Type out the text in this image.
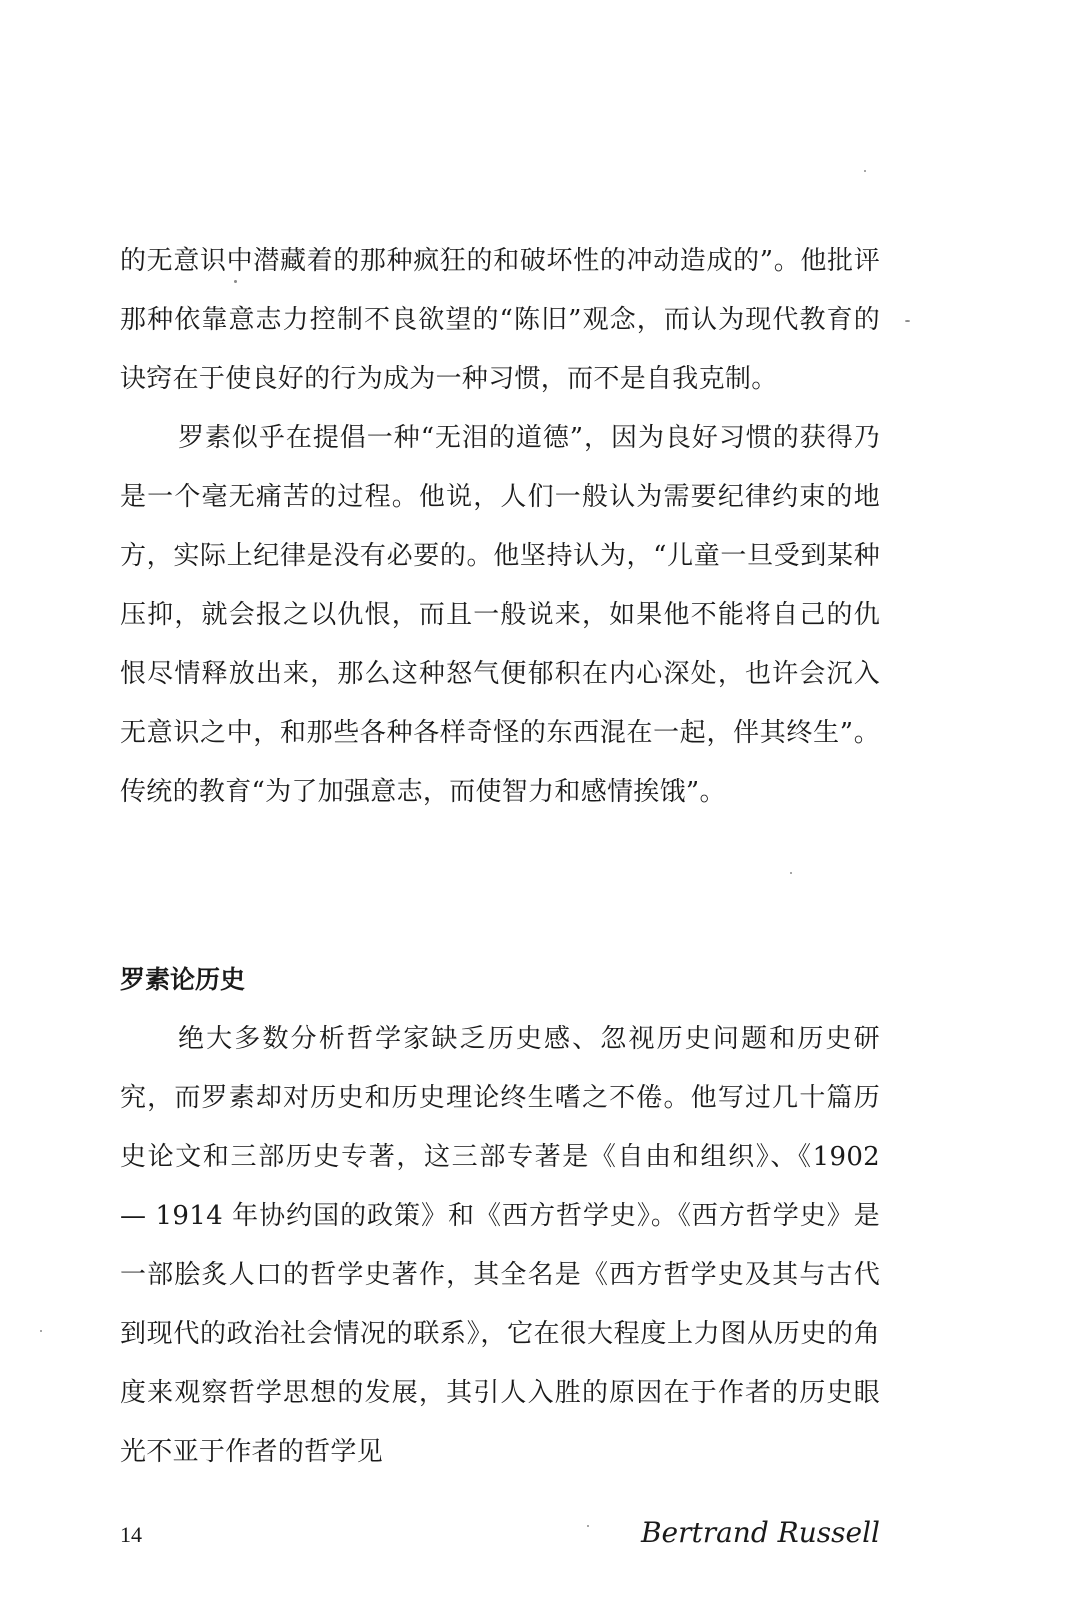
的无意识中潜藏着的那种疯狂的和破坏性的冲动造成的”。他批评那种依靠意志力控制不良欲望的“陈旧”观念，而认为现代教育的诀窍在于使良好的行为成为一种习惯，而不是自我克制。

罗素似乎在提倡一种“无泪的道德”，因为良好习惯的获得乃是一个毫无痛苦的过程。他说，人们一般认为需要纪律约束的地方，实际上纪律是没有必要的。他坚持认为，“儿童一旦受到某种压抑，就会报之以仇恨，而且一般说来，如果他不能将自己的仇恨尽情释放出来，那么这种怒气便郁积在内心深处，也许会沉入无意识之中，和那些各种各样奇怪的东西混在一起，伴其终生”。传统的教育“为了加强意志，而使智力和感情挨饿”。

罗素论历史

绝大多数分析哲学家缺乏历史感、忽视历史问题和历史研究，而罗素却对历史和历史理论终生嗜之不倦。他写过几十篇历史论文和三部历史专著，这三部专著是《自由和组织》、《1902 — 1914 年协约国的政策》和《西方哲学史》。《西方哲学史》是一部脍炙人口的哲学史著作，其全名是《西方哲学史及其与古代到现代的政治社会情况的联系》，它在很大程度上力图从历史的角度来观察哲学思想的发展，其引人入胜的原因在于作者的历史眼光不亚于作者的哲学见

14	Bertrand Russell
